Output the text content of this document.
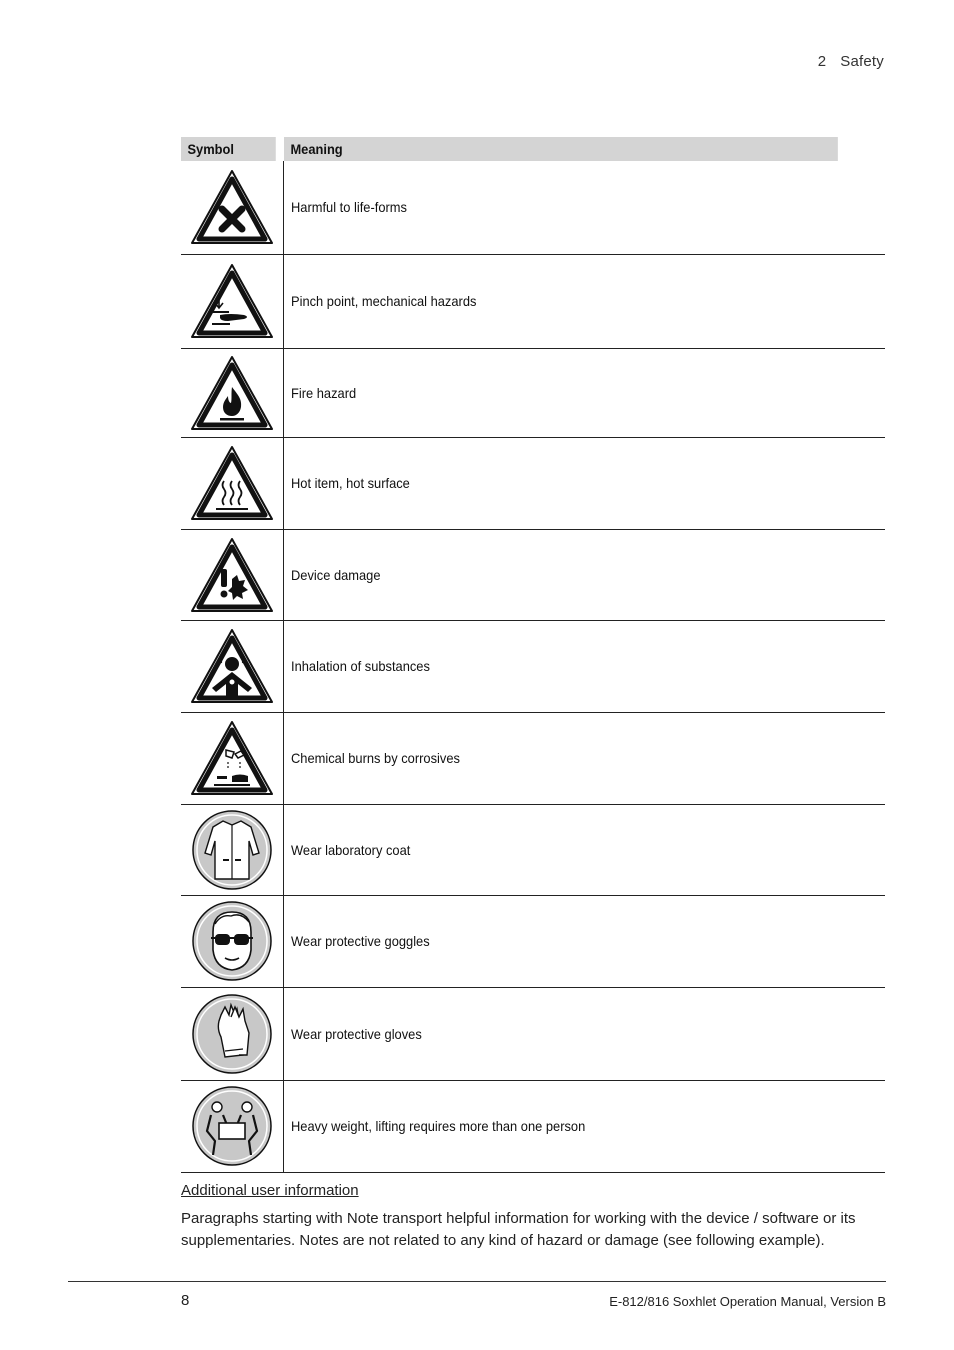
2 Safety
Symbol	Meaning

	Harmful to life-forms

	Pinch point, mechanical hazards

	Fire hazard

	Hot item, hot surface

	Device damage

	Inhalation of substances

	Chemical burns by corrosives

	Wear laboratory coat

	Wear protective goggles

	Wear protective gloves

	Heavy weight, lifting requires more than one person
Additional user information
Paragraphs starting with Note transport helpful information for working with the device / software or its supplementaries. Notes are not related to any kind of hazard or damage (see following example).
8	E-812/816 Soxhlet Operation Manual, Version B
